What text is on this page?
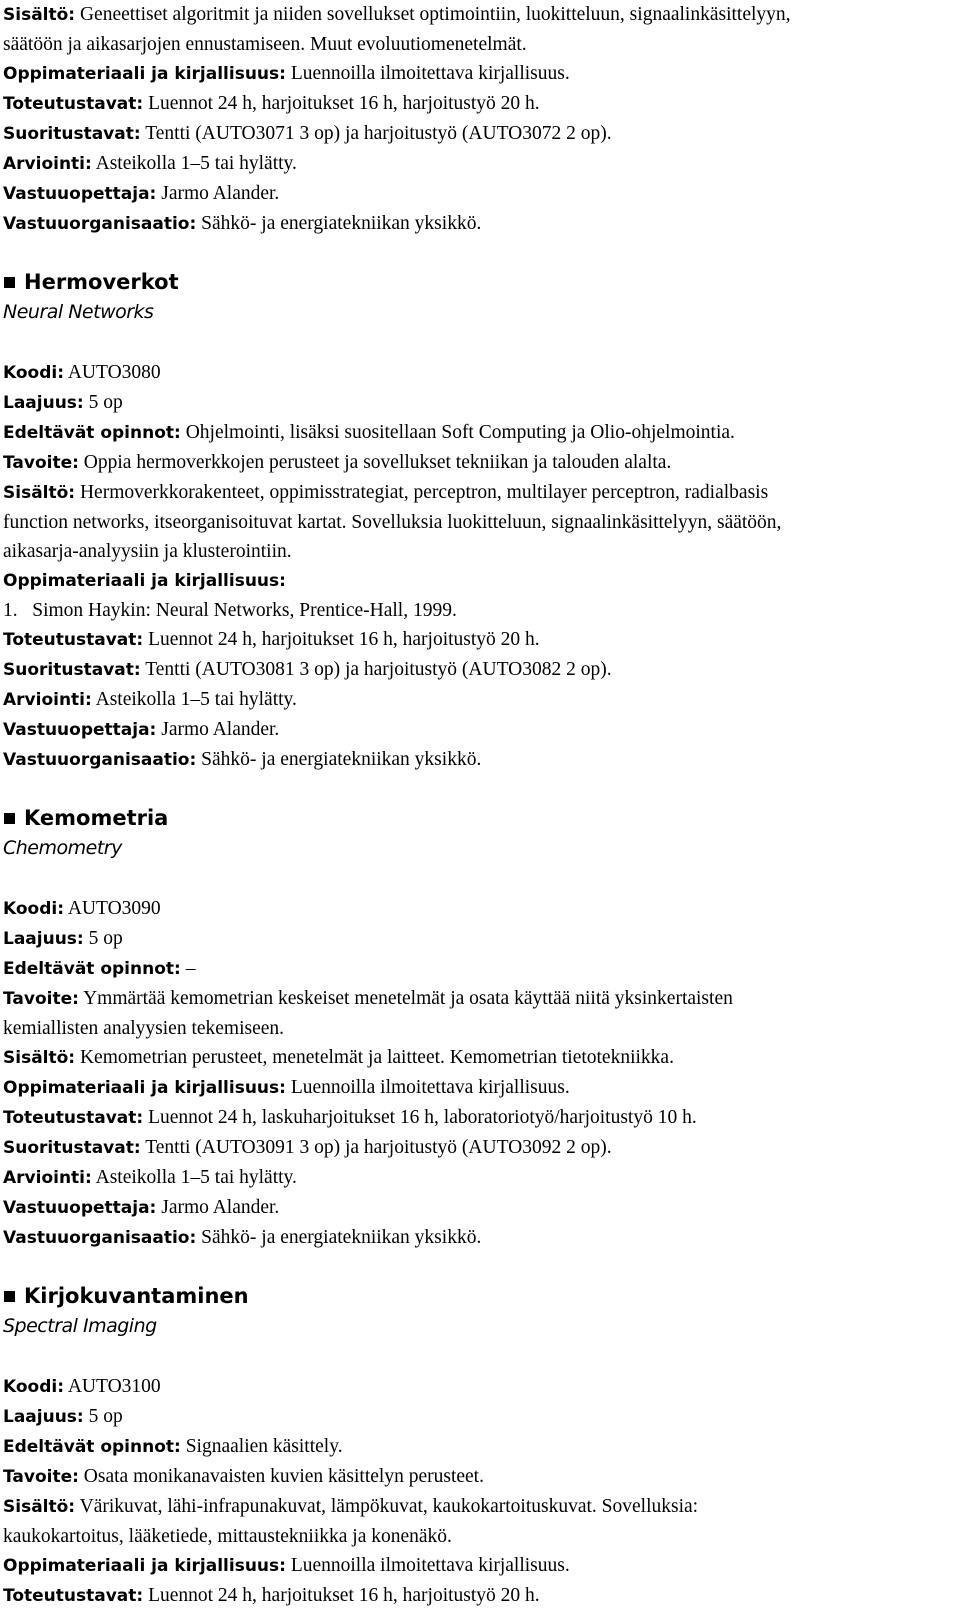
Sisältö: Geneettiset algoritmit ja niiden sovellukset optimointiin, luokitteluun, signaalinkäsittelyyn,
säätöön ja aikasarjojen ennustamiseen. Muut evoluutiomenetelmät.
Oppimateriaali ja kirjallisuus: Luennoilla ilmoitettava kirjallisuus.
Toteutustavat: Luennot 24 h, harjoitukset 16 h, harjoitustyö 20 h.
Suoritustavat: Tentti (AUTO3071 3 op) ja harjoitustyö (AUTO3072 2 op).
Arviointi: Asteikolla 1–5 tai hylätty.
Vastuuopettaja: Jarmo Alander.
Vastuuorganisaatio: Sähkö- ja energiatekniikan yksikkö.
Hermoverkot
Neural Networks
Koodi: AUTO3080
Laajuus: 5 op
Edeltävät opinnot: Ohjelmointi, lisäksi suositellaan Soft Computing ja Olio-ohjelmointia.
Tavoite: Oppia hermoverkkojen perusteet ja sovellukset tekniikan ja talouden alalta.
Sisältö: Hermoverkkorakenteet, oppimisstrategiat, perceptron, multilayer perceptron, radialbasis
function networks, itseorganisoituvat kartat. Sovelluksia luokitteluun, signaalinkäsittelyyn, säätöön,
aikasarja-analyysiin ja klusterointiin.
Oppimateriaali ja kirjallisuus:
1.   Simon Haykin: Neural Networks, Prentice-Hall, 1999.
Toteutustavat: Luennot 24 h, harjoitukset 16 h, harjoitustyö 20 h.
Suoritustavat: Tentti (AUTO3081 3 op) ja harjoitustyö (AUTO3082 2 op).
Arviointi: Asteikolla 1–5 tai hylätty.
Vastuuopettaja: Jarmo Alander.
Vastuuorganisaatio: Sähkö- ja energiatekniikan yksikkö.
Kemometria
Chemometry
Koodi: AUTO3090
Laajuus: 5 op
Edeltävät opinnot: –
Tavoite: Ymmärtää kemometrian keskeiset menetelmät ja osata käyttää niitä yksinkertaisten
kemiallisten analyysien tekemiseen.
Sisältö: Kemometrian perusteet, menetelmät ja laitteet. Kemometrian tietotekniikka.
Oppimateriaali ja kirjallisuus: Luennoilla ilmoitettava kirjallisuus.
Toteutustavat: Luennot 24 h, laskuharjoitukset 16 h, laboratoriotyö/harjoitustyö 10 h.
Suoritustavat: Tentti (AUTO3091 3 op) ja harjoitustyö (AUTO3092 2 op).
Arviointi: Asteikolla 1–5 tai hylätty.
Vastuuopettaja: Jarmo Alander.
Vastuuorganisaatio: Sähkö- ja energiatekniikan yksikkö.
Kirjokuvantaminen
Spectral Imaging
Koodi: AUTO3100
Laajuus: 5 op
Edeltävät opinnot: Signaalien käsittely.
Tavoite: Osata monikanavaisten kuvien käsittelyn perusteet.
Sisältö: Värikuvat, lähi-infrapunakuvat, lämpökuvat, kaukokartoituskuvat. Sovelluksia:
kaukokartoitus, lääketiede, mittaustekniikka ja konenäkö.
Oppimateriaali ja kirjallisuus: Luennoilla ilmoitettava kirjallisuus.
Toteutustavat: Luennot 24 h, harjoitukset 16 h, harjoitustyö 20 h.
